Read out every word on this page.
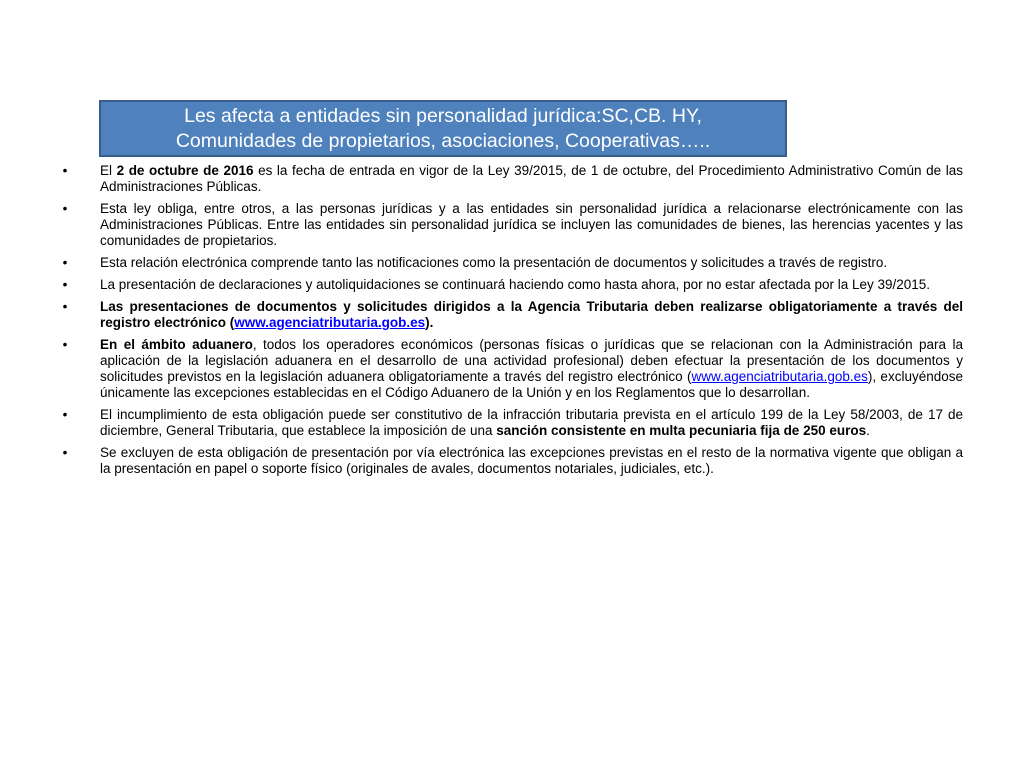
Les afecta a entidades sin personalidad jurídica:SC,CB. HY,
Comunidades de propietarios, asociaciones, Cooperativas…..
• El 2 de octubre de 2016 es la fecha de entrada en vigor de la Ley 39/2015, de 1 de octubre, del Procedimiento Administrativo Común de las Administraciones Públicas.
• Esta ley obliga, entre otros, a las personas jurídicas y a las entidades sin personalidad jurídica a relacionarse electrónicamente con las Administraciones Públicas. Entre las entidades sin personalidad jurídica se incluyen las comunidades de bienes, las herencias yacentes y las comunidades de propietarios.
• Esta relación electrónica comprende tanto las notificaciones como la presentación de documentos y solicitudes a través de registro.
• La presentación de declaraciones y autoliquidaciones se continuará haciendo como hasta ahora, por no estar afectada por la Ley 39/2015.
• Las presentaciones de documentos y solicitudes dirigidos a la Agencia Tributaria deben realizarse obligatoriamente a través del registro electrónico (www.agenciatributaria.gob.es).
• En el ámbito aduanero, todos los operadores económicos (personas físicas o jurídicas que se relacionan con la Administración para la aplicación de la legislación aduanera en el desarrollo de una actividad profesional) deben efectuar la presentación de los documentos y solicitudes previstos en la legislación aduanera obligatoriamente a través del registro electrónico (www.agenciatributaria.gob.es), excluyéndose únicamente las excepciones establecidas en el Código Aduanero de la Unión y en los Reglamentos que lo desarrollan.
• El incumplimiento de esta obligación puede ser constitutivo de la infracción tributaria prevista en el artículo 199 de la Ley 58/2003, de 17 de diciembre, General Tributaria, que establece la imposición de una sanción consistente en multa pecuniaria fija de 250 euros.
• Se excluyen de esta obligación de presentación por vía electrónica las excepciones previstas en el resto de la normativa vigente que obligan a la presentación en papel o soporte físico (originales de avales, documentos notariales, judiciales, etc.).
